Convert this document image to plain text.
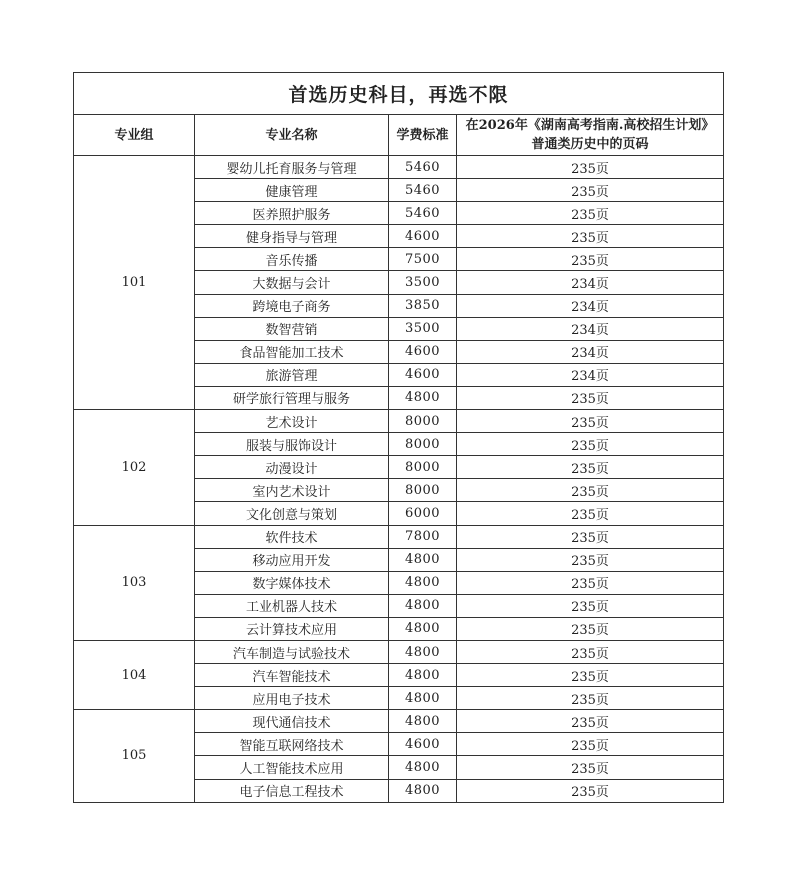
首选历史科目，再选不限			
专业组	专业名称	学费标准	在2026年《湖南高考指南.高校招生计划》
普通类历史中的页码

101	婴幼儿托育服务与管理	5460	235页
	健康管理	5460	235页
	医养照护服务	5460	235页
	健身指导与管理	4600	235页
	音乐传播	7500	235页
	大数据与会计	3500	234页
	跨境电子商务	3850	234页
	数智营销	3500	234页
	食品智能加工技术	4600	234页
	旅游管理	4600	234页
	研学旅行管理与服务	4800	235页
102	艺术设计	8000	235页
	服装与服饰设计	8000	235页
	动漫设计	8000	235页
	室内艺术设计	8000	235页
	文化创意与策划	6000	235页
103	软件技术	7800	235页
	移动应用开发	4800	235页
	数字媒体技术	4800	235页
	工业机器人技术	4800	235页
	云计算技术应用	4800	235页
104	汽车制造与试验技术	4800	235页
	汽车智能技术	4800	235页
	应用电子技术	4800	235页
105	现代通信技术	4800	235页
	智能互联网络技术	4600	235页
	人工智能技术应用	4800	235页
	电子信息工程技术	4800	235页
